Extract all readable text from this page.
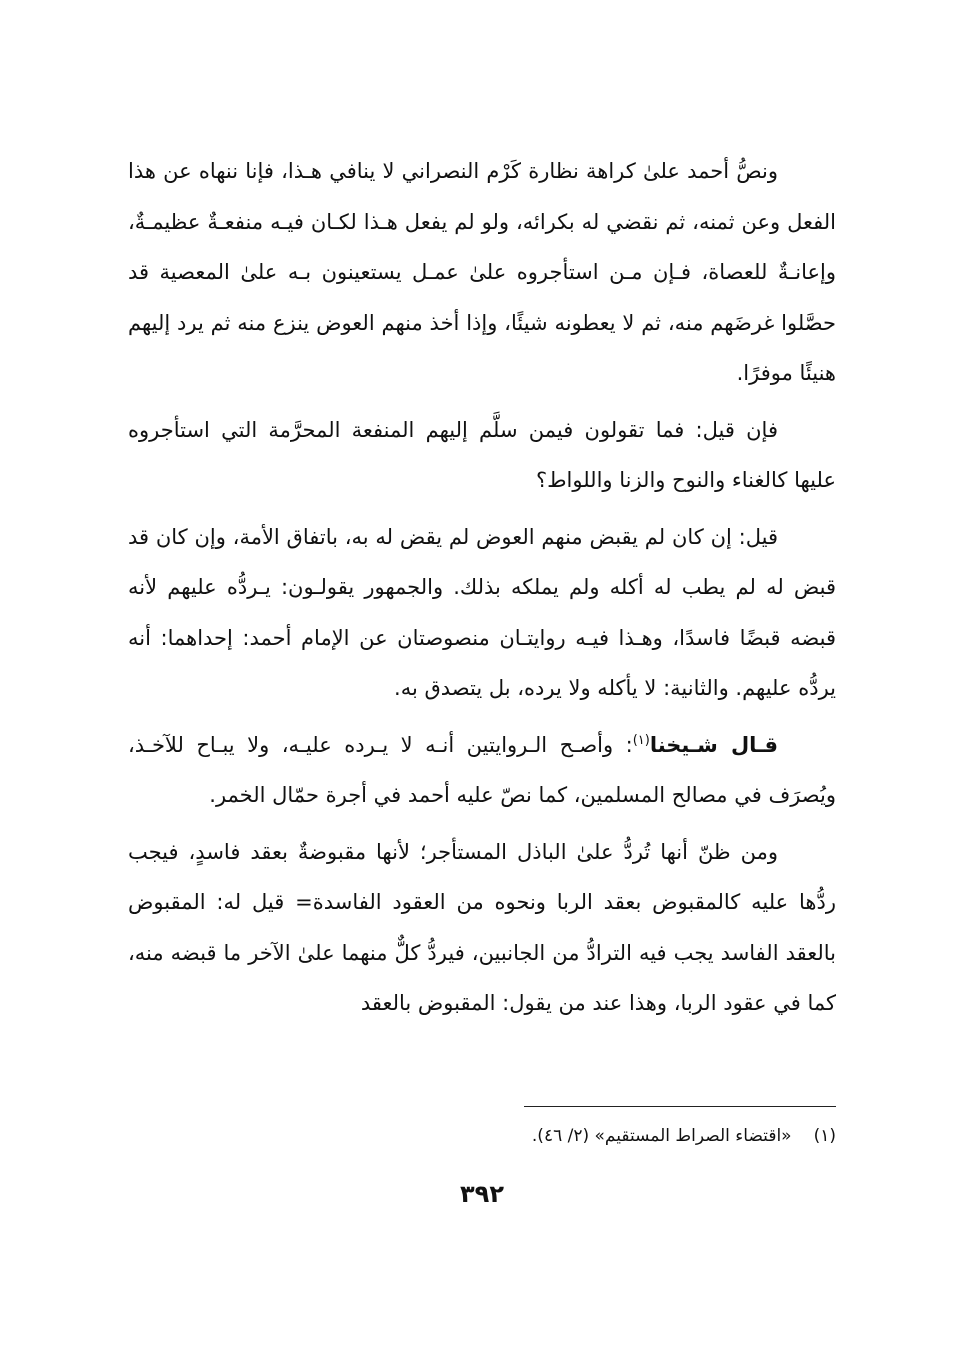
ونصُّ أحمد علىٰ كراهة نظارة كَرْم النصراني لا ينافي هـذا، فإنا ننهاه عن هذا الفعل وعن ثمنه، ثم نقضي له بكرائه، ولو لم يفعل هـذا لكـان فيـه منفعـةٌ عظيمـةٌ، وإعانـةٌ للعصاة، فـإن مـن استأجروه علىٰ عمـل يستعينون بـه علىٰ المعصية قد حصَّلوا غرضَهم منه، ثم لا يعطونه شيئًا، وإذا أخذ منهم العوض ينزع منه ثم يرد إليهم هنيئًا موفرًا.

فإن قيل: فما تقولون فيمن سلَّم إليهم المنفعة المحرَّمة التي استأجروه عليها كالغناء والنوح والزنا واللواط؟

قيل: إن كان لم يقبض منهم العوض لم يقض له به، باتفاق الأمة، وإن كان قد قبض له لم يطب له أكله ولم يملكه بذلك. والجمهور يقولـون: يـردُّه عليهم لأنه قبضه قبضًا فاسدًا، وهـذا فيـه روايتـان منصوصتان عن الإمام أحمد: إحداهما: أنه يردُّه عليهم. والثانية: لا يأكله ولا يرده، بل يتصدق به.

قـال شـيخنا$^{(١)}$: وأصـح الـروايتين أنـه لا يـرده عليـه، ولا يبـاح للآخـذ، ويُصرَف في مصالح المسلمين، كما نصّ عليه أحمد في أجرة حمّال الخمر.

ومن ظنّ أنها تُردُّ علىٰ الباذل المستأجر؛ لأنها مقبوضةٌ بعقد فاسدٍ، فيجب ردُّها عليه كالمقبوض بعقد الربا ونحوه من العقود الفاسدة= قيل له: المقبوض بالعقد الفاسد يجب فيه الترادُّ من الجانبين، فيردُّ كلٌّ منهما علىٰ الآخر ما قبضه منه، كما في عقود الربا، وهذا عند من يقول: المقبوض بالعقد

(١)«اقتضاء الصراط المستقيم» (٢/ ٤٦).
٣٩٢
